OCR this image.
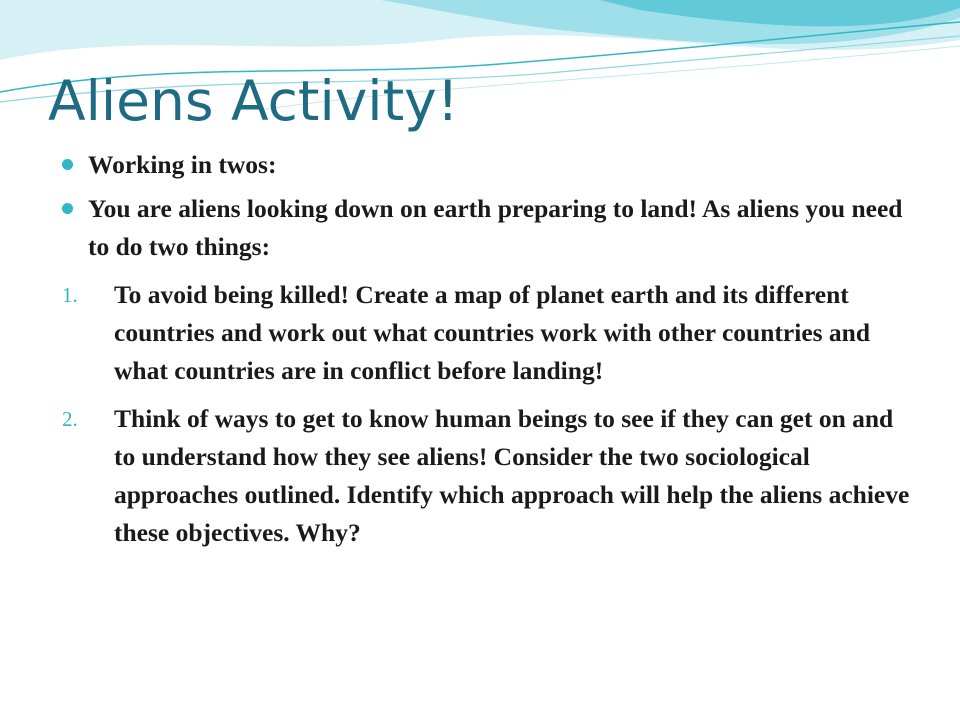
Aliens Activity!
Working in twos:
You are aliens looking down on earth preparing to land! As aliens you need to do two things:
1. To avoid being killed! Create a map of planet earth and its different countries and work out what countries work with other countries and what countries are in conflict before landing!
2. Think of ways to get to know human beings to see if they can get on and to understand how they see aliens! Consider the two sociological approaches outlined. Identify which approach will help the aliens achieve these objectives. Why?
